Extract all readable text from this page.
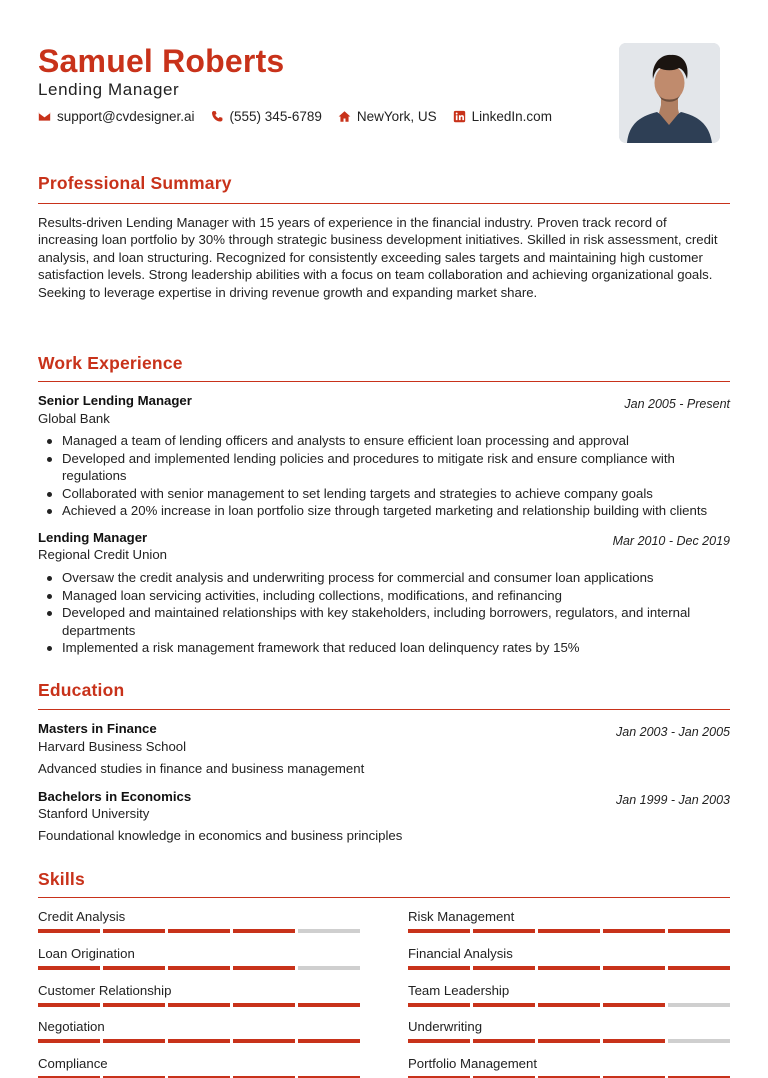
Samuel Roberts
Lending Manager
support@cvdesigner.ai	(555) 345-6789	NewYork, US	LinkedIn.com
Professional Summary
Results-driven Lending Manager with 15 years of experience in the financial industry. Proven track record of increasing loan portfolio by 30% through strategic business development initiatives. Skilled in risk assessment, credit analysis, and loan structuring. Recognized for consistently exceeding sales targets and maintaining high customer satisfaction levels. Strong leadership abilities with a focus on team collaboration and achieving organizational goals. Seeking to leverage expertise in driving revenue growth and expanding market share.
Work Experience
Senior Lending Manager	Jan 2005 - Present
Global Bank
Managed a team of lending officers and analysts to ensure efficient loan processing and approval
Developed and implemented lending policies and procedures to mitigate risk and ensure compliance with regulations
Collaborated with senior management to set lending targets and strategies to achieve company goals
Achieved a 20% increase in loan portfolio size through targeted marketing and relationship building with clients
Lending Manager	Mar 2010 - Dec 2019
Regional Credit Union
Oversaw the credit analysis and underwriting process for commercial and consumer loan applications
Managed loan servicing activities, including collections, modifications, and refinancing
Developed and maintained relationships with key stakeholders, including borrowers, regulators, and internal departments
Implemented a risk management framework that reduced loan delinquency rates by 15%
Education
Masters in Finance	Jan 2003 - Jan 2005
Harvard Business School
Advanced studies in finance and business management
Bachelors in Economics	Jan 1999 - Jan 2003
Stanford University
Foundational knowledge in economics and business principles
Skills
Credit Analysis	Risk Management
Loan Origination	Financial Analysis
Customer Relationship	Team Leadership
Negotiation	Underwriting
Compliance	Portfolio Management
